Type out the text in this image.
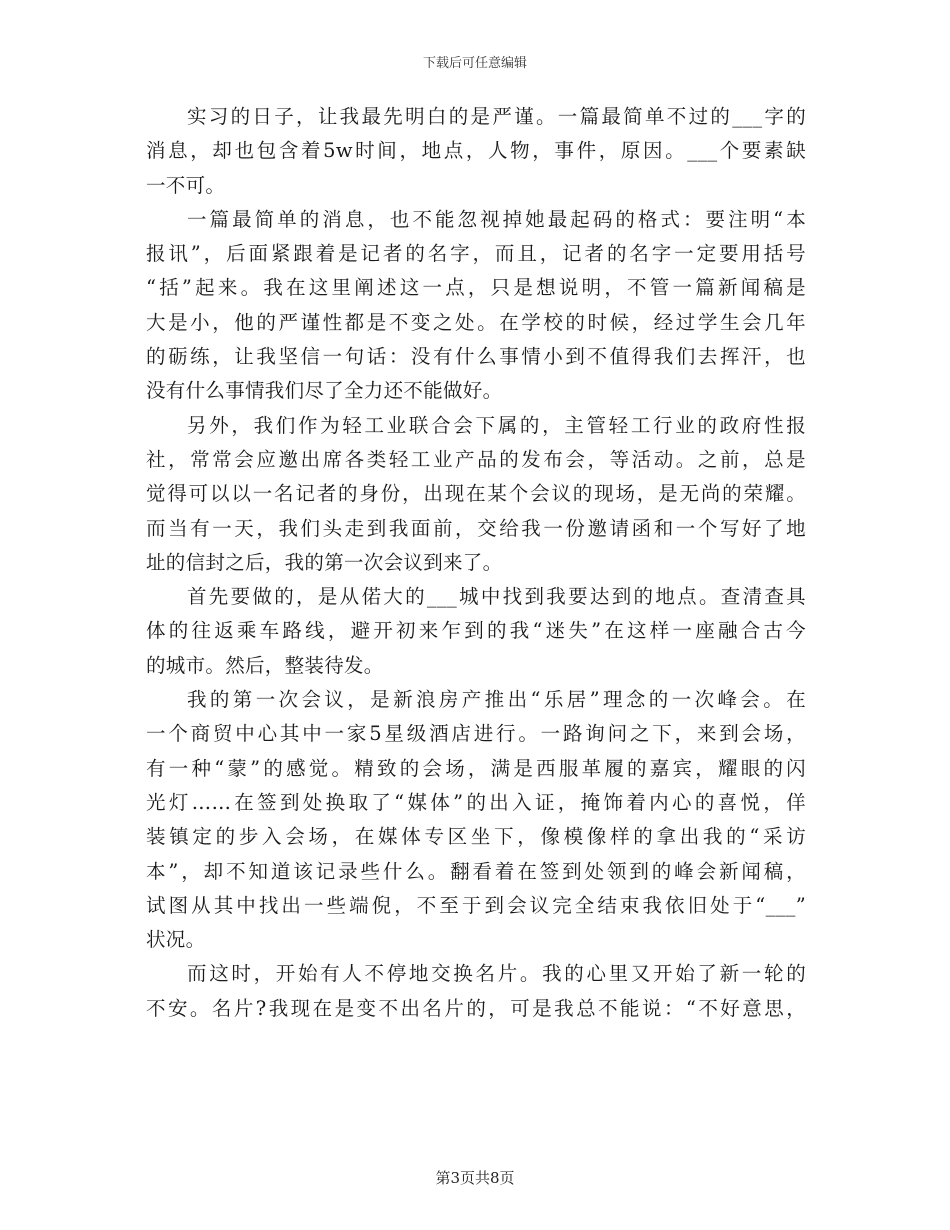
下载后可任意编辑
实习的日子，让我最先明白的是严谨。一篇最简单不过的___字的
消息，却也包含着5w时间，地点，人物，事件，原因。___个要素缺
一不可。
一篇最简单的消息，也不能忽视掉她最起码的格式：要注明“本
报讯”，后面紧跟着是记者的名字，而且，记者的名字一定要用括号
“括”起来。我在这里阐述这一点，只是想说明，不管一篇新闻稿是
大是小，他的严谨性都是不变之处。在学校的时候，经过学生会几年
的砺练，让我坚信一句话：没有什么事情小到不值得我们去挥汗，也
没有什么事情我们尽了全力还不能做好。
另外，我们作为轻工业联合会下属的，主管轻工行业的政府性报
社，常常会应邀出席各类轻工业产品的发布会，等活动。之前，总是
觉得可以以一名记者的身份，出现在某个会议的现场，是无尚的荣耀。
而当有一天，我们头走到我面前，交给我一份邀请函和一个写好了地
址的信封之后，我的第一次会议到来了。
首先要做的，是从偌大的___城中找到我要达到的地点。查清查具
体的往返乘车路线，避开初来乍到的我“迷失”在这样一座融合古今
的城市。然后，整装待发。
我的第一次会议，是新浪房产推出“乐居”理念的一次峰会。在
一个商贸中心其中一家5星级酒店进行。一路询问之下，来到会场，
有一种“蒙”的感觉。精致的会场，满是西服革履的嘉宾，耀眼的闪
光灯……在签到处换取了“媒体”的出入证，掩饰着内心的喜悦，佯
装镇定的步入会场，在媒体专区坐下，像模像样的拿出我的“采访
本”，却不知道该记录些什么。翻看着在签到处领到的峰会新闻稿，
试图从其中找出一些端倪，不至于到会议完全结束我依旧处于“___”
状况。
而这时，开始有人不停地交换名片。我的心里又开始了新一轮的
不安。名片?我现在是变不出名片的，可是我总不能说：“不好意思，
第3页共8页
